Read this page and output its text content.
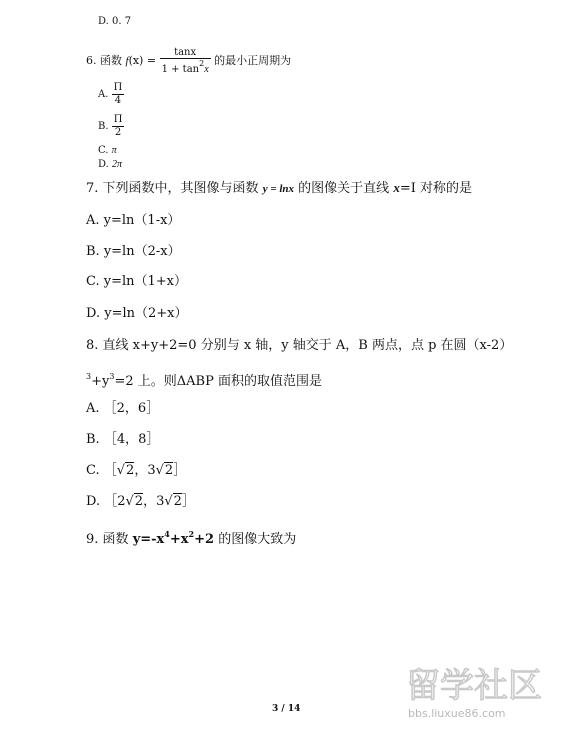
D. 0. 7
6. 函数 $f(x) = \frac{\tan x}{1 + \tan^2x}$ 的最小正周期为
A. $\frac{\Pi}{4}$
B. $\frac{\Pi}{2}$
C. π
D. 2π
7. 下列函数中，其图像与函数 y = lnx 的图像关于直线 x=I 对称的是
A. y=ln（1-x）
B. y=ln（2-x）
C. y=ln（1+x）
D. y=ln（2+x）
8. 直线 x+y+2=0 分别与 x 轴，y 轴交于 A，B 两点，点 p 在圆（x-2）
$^3+y^3=2$ 上。则ΔABP 面积的取值范围是
A. ［2，6］
B. ［4，8］
C. ［√2，3√2］
D. ［2√2，3√2］
9. 函数 $y=-x^4+x^2+2$ 的图像大致为
3 / 14
留学社区
bbs.liuxue86.com
